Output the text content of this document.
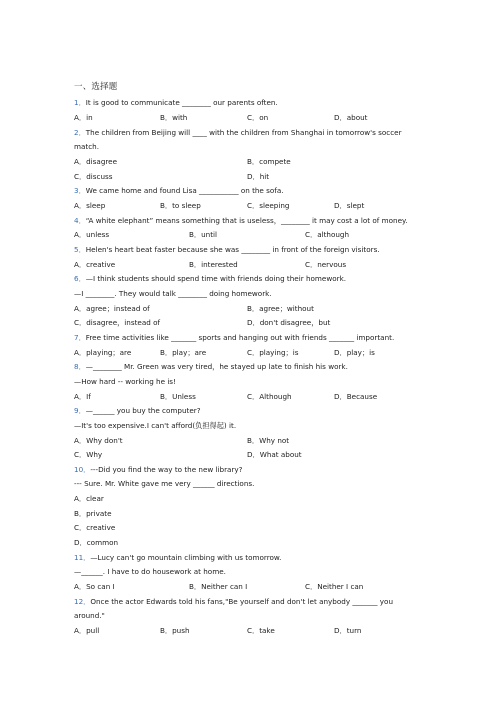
一、选择题
1．It is good to communicate ________ our parents often.
A．in	B．with	C．on	D．about
2．The children from Beijing will ____ with the children from Shanghai in tomorrow's soccer
match.
A．disagree	B．compete
C．discuss	D．hit
3．We came home and found Lisa ___________ on the sofa.
A．sleep	B．to sleep	C．sleeping	D．slept
4．“A white elephant” means something that is useless，________ it may cost a lot of money.
A．unless	B．until	C．although
5．Helen's heart beat faster because she was ________ in front of the foreign visitors.
A．creative	B．interested	C．nervous
6．—I think students should spend time with friends doing their homework.
—I ________. They would talk ________ doing homework.
A．agree；instead of	B．agree；without
C．disagree，instead of	D．don't disagree，but
7．Free time activities like _______ sports and hanging out with friends _______ important.
A．playing；are	B．play；are	C．playing；is	D．play；is
8．—________ Mr. Green was very tired，he stayed up late to finish his work.
—How hard -- working he is!
A．If	B．Unless	C．Although	D．Because
9．—______ you buy the computer?
—It's too expensive.I can't afford(负担得起) it.
A．Why don't	B．Why not
C．Why	D．What about
10．---Did you find the way to the new library?
--- Sure. Mr. White gave me very ______ directions.
A．clear
B．private
C．creative
D．common
11．—Lucy can't go mountain climbing with us tomorrow.
—______. I have to do housework at home.
A．So can I	B．Neither can I	C．Neither I can
12．Once the actor Edwards told his fans,"Be yourself and don't let anybody _______ you
around."
A．pull	B．push	C．take	D．turn
